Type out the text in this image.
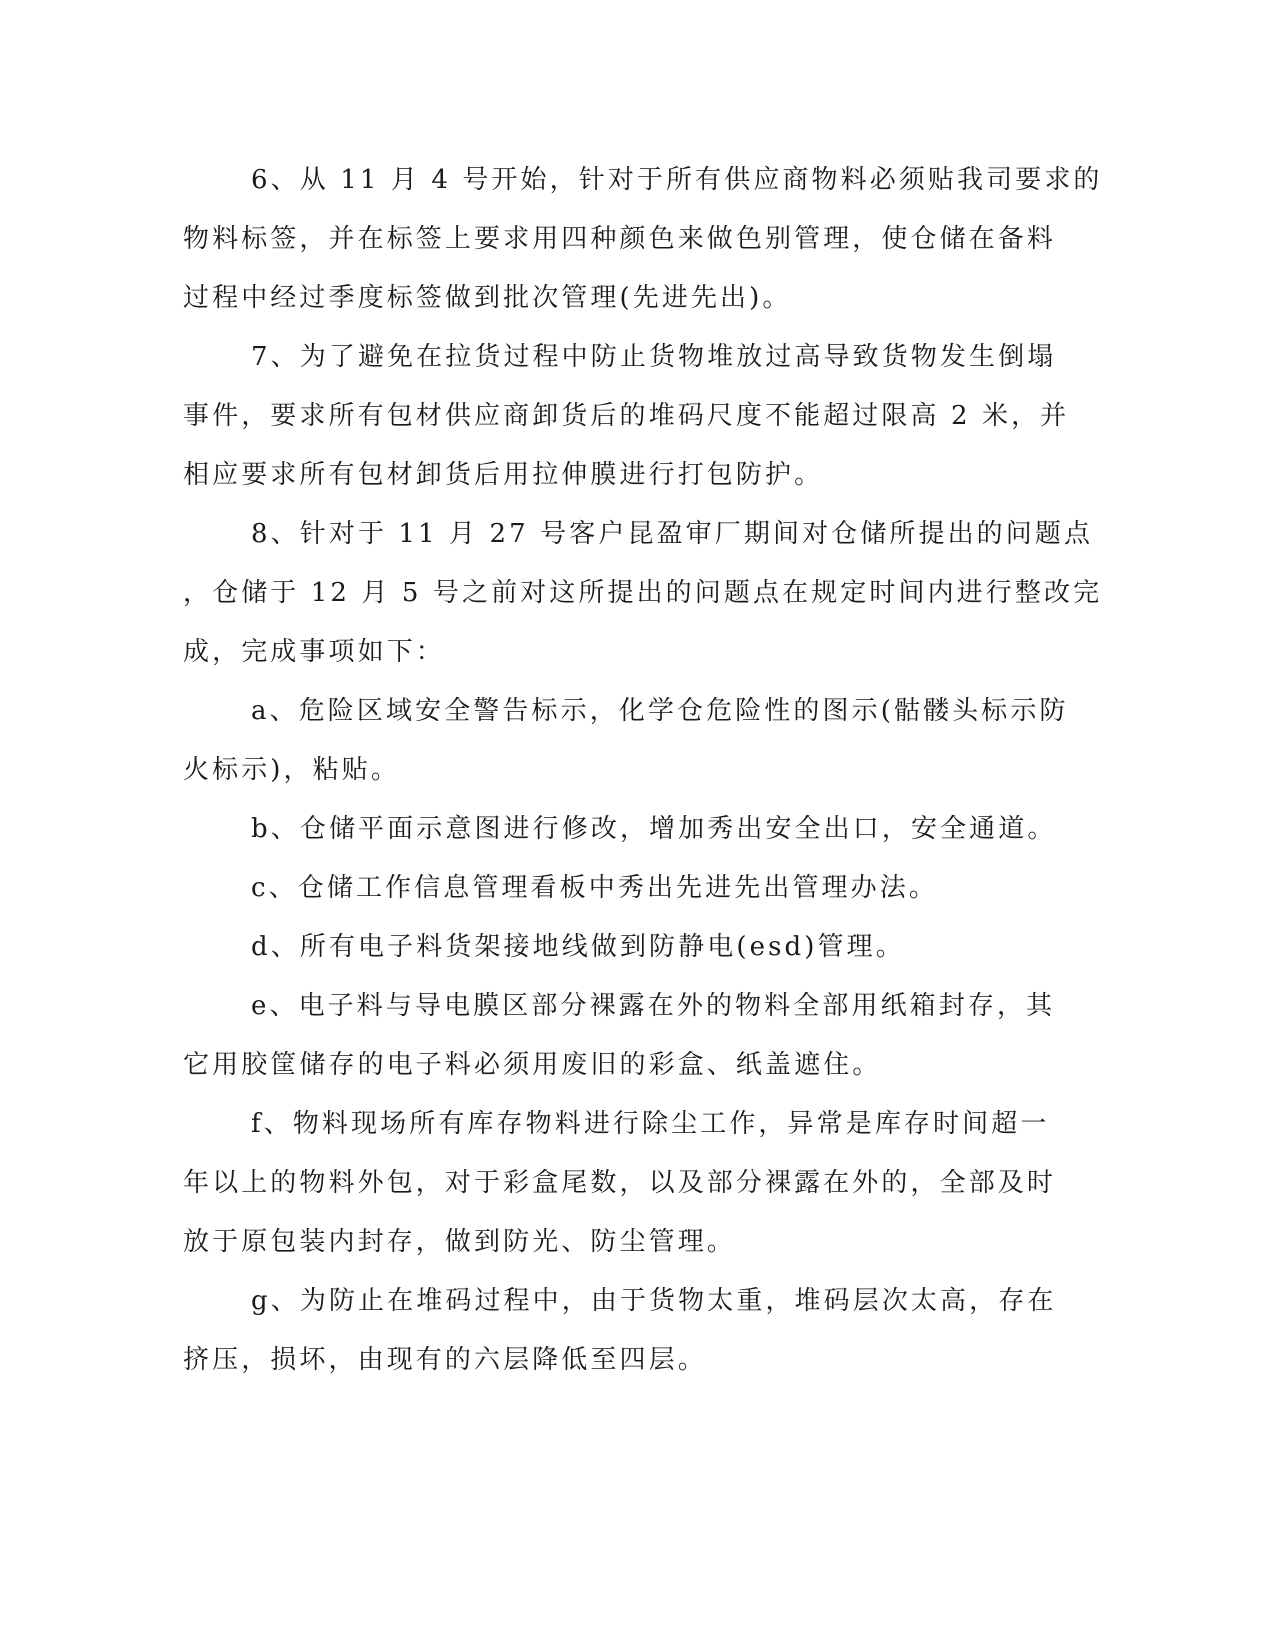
6、从 11 月 4 号开始，针对于所有供应商物料必须贴我司要求的

物料标签，并在标签上要求用四种颜色来做色别管理，使仓储在备料

过程中经过季度标签做到批次管理(先进先出)。

7、为了避免在拉货过程中防止货物堆放过高导致货物发生倒塌

事件，要求所有包材供应商卸货后的堆码尺度不能超过限高 2 米，并

相应要求所有包材卸货后用拉伸膜进行打包防护。

8、针对于 11 月 27 号客户昆盈审厂期间对仓储所提出的问题点

，仓储于 12 月 5 号之前对这所提出的问题点在规定时间内进行整改完

成，完成事项如下：

a、危险区域安全警告标示，化学仓危险性的图示(骷髅头标示防

火标示)，粘贴。

b、仓储平面示意图进行修改，增加秀出安全出口，安全通道。

c、仓储工作信息管理看板中秀出先进先出管理办法。

d、所有电子料货架接地线做到防静电(esd)管理。

e、电子料与导电膜区部分裸露在外的物料全部用纸箱封存，其

它用胶筐储存的电子料必须用废旧的彩盒、纸盖遮住。

f、物料现场所有库存物料进行除尘工作，异常是库存时间超一

年以上的物料外包，对于彩盒尾数，以及部分裸露在外的，全部及时

放于原包装内封存，做到防光、防尘管理。

g、为防止在堆码过程中，由于货物太重，堆码层次太高，存在

挤压，损坏，由现有的六层降低至四层。
